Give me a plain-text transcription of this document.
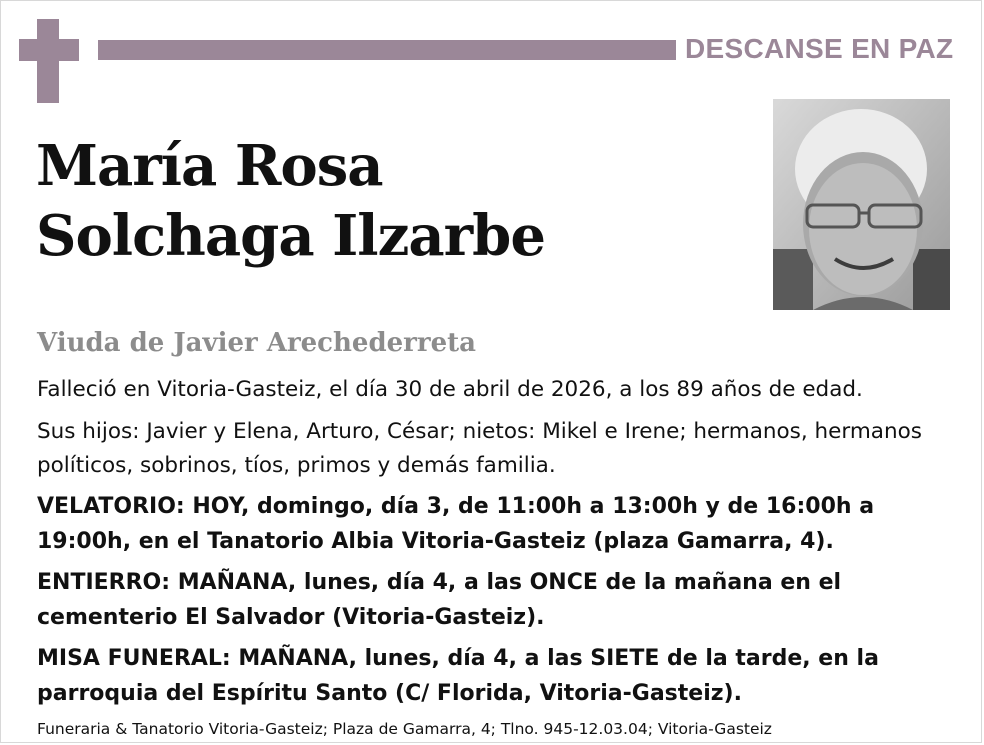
DESCANSE EN PAZ
María Rosa
Solchaga Ilzarbe
Viuda de Javier Arechederreta
Falleció en Vitoria-Gasteiz, el día 30 de abril de 2026, a los 89 años de edad.
Sus hijos: Javier y Elena, Arturo, César; nietos: Mikel e Irene; hermanos, hermanos políticos, sobrinos, tíos, primos y demás familia.
VELATORIO: HOY, domingo, día 3, de 11:00h a 13:00h y de 16:00h a 19:00h, en el Tanatorio Albia Vitoria-Gasteiz (plaza Gamarra, 4).
ENTIERRO: MAÑANA, lunes, día 4, a las ONCE de la mañana en el cementerio El Salvador (Vitoria-Gasteiz).
MISA FUNERAL: MAÑANA, lunes, día 4, a las SIETE de la tarde, en la parroquia del Espíritu Santo (C/ Florida, Vitoria-Gasteiz).
Funeraria & Tanatorio Vitoria-Gasteiz; Plaza de Gamarra, 4; Tlno. 945-12.03.04; Vitoria-Gasteiz
